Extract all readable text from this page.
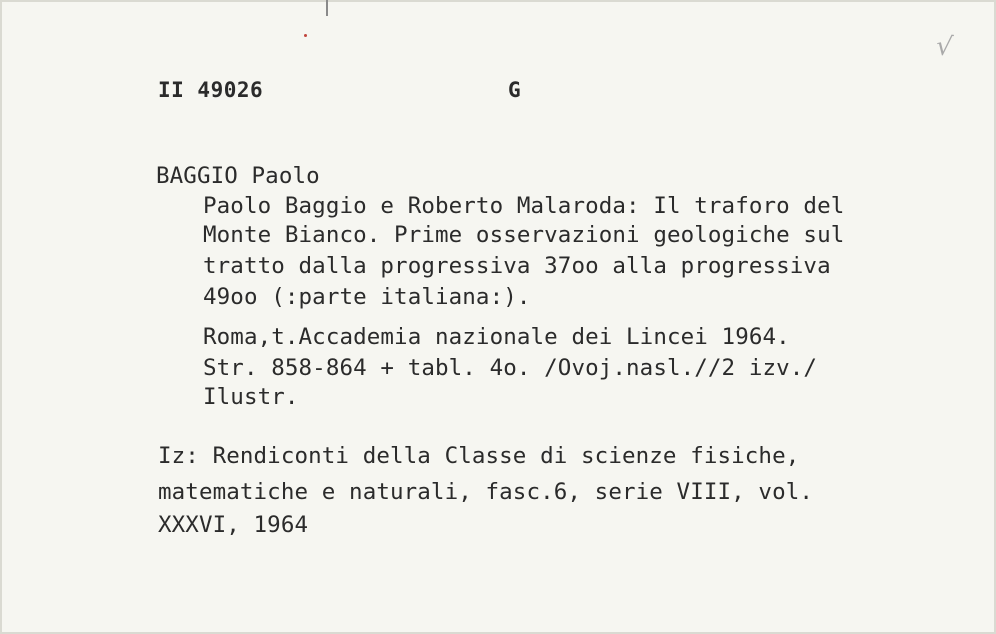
√
II 49026	G
BAGGIO Paolo
Paolo Baggio e Roberto Malaroda: Il traforo del
Monte Bianco. Prime osservazioni geologiche sul
tratto dalla progressiva 37oo alla progressiva
49oo (:parte italiana:).
Roma,t.Accademia nazionale dei Lincei 1964.
Str. 858-864 + tabl. 4o. /Ovoj.nasl.//2 izv./
Ilustr.
Iz: Rendiconti della Classe di scienze fisiche,
matematiche e naturali, fasc.6, serie VIII, vol.
XXXVI, 1964
